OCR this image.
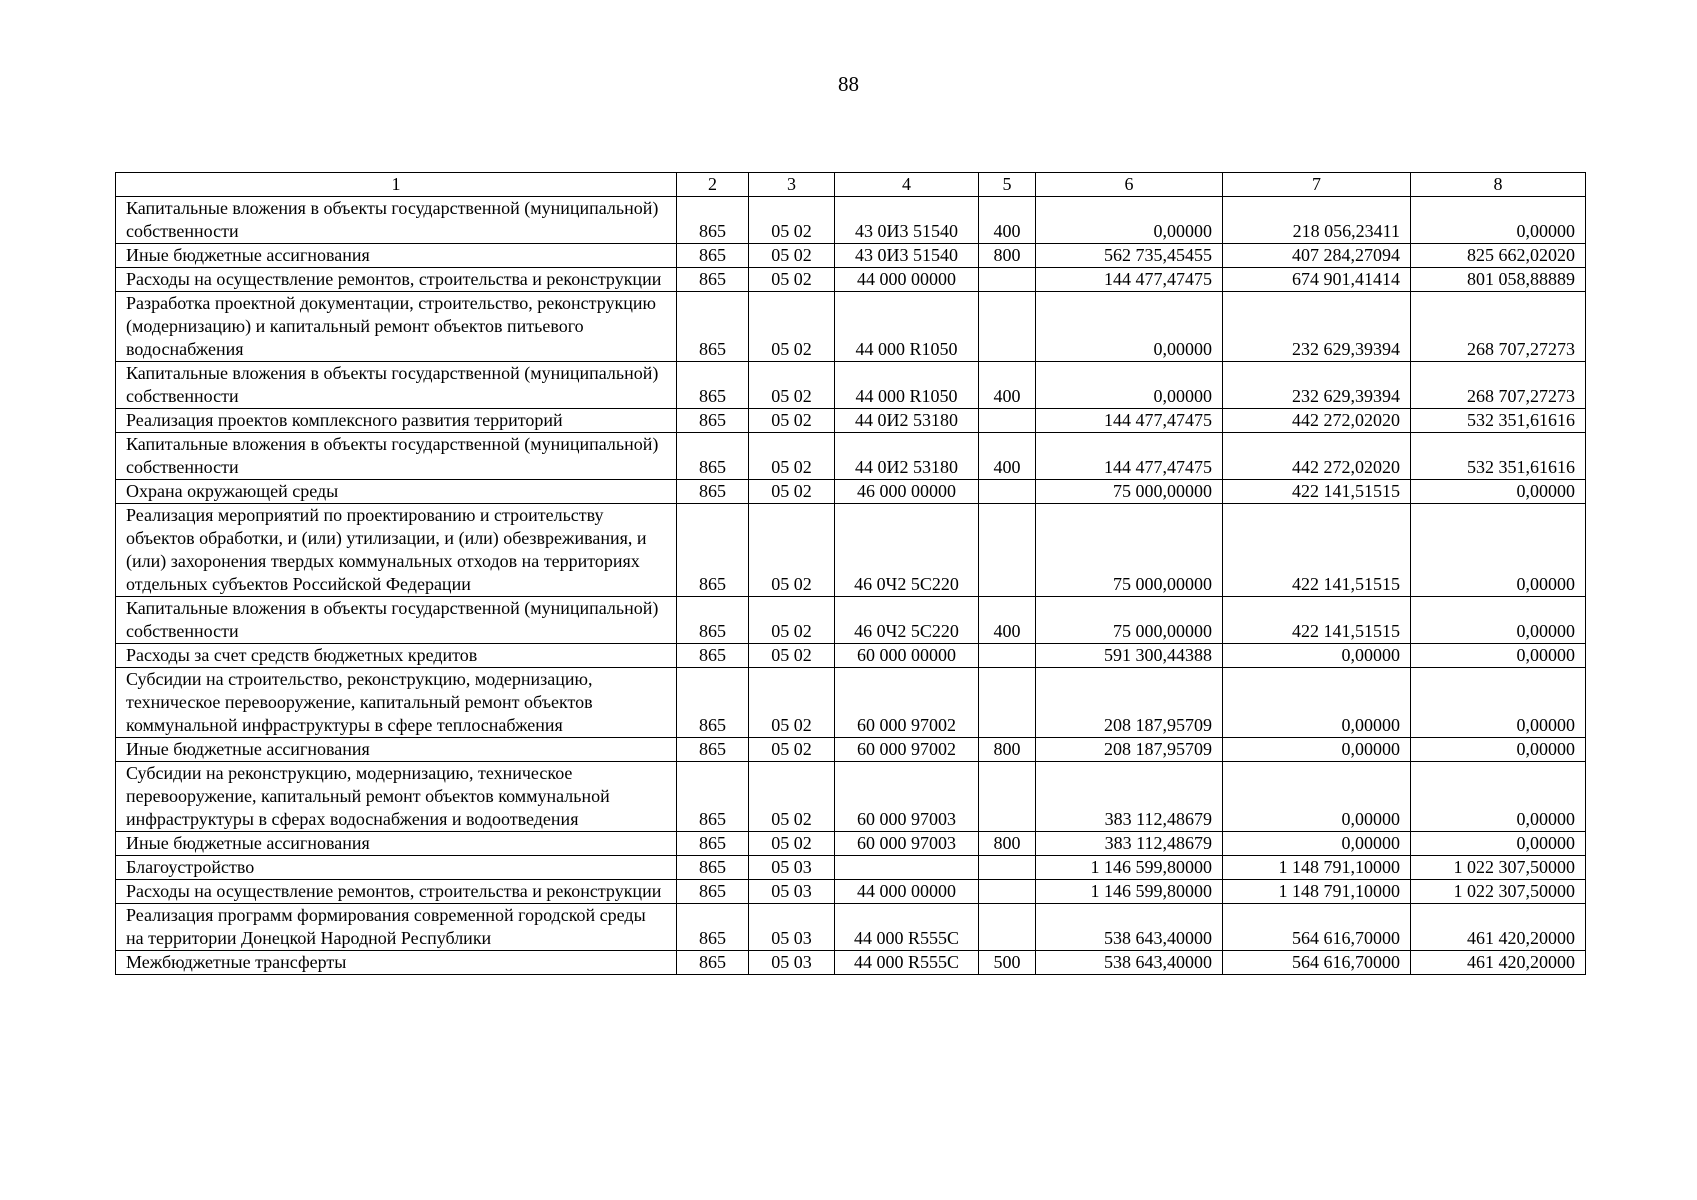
88
1	2	3	4	5	6	7	8
Капитальные вложения в объекты государственной (муниципальной) собственности	865	05 02	43 0И3 51540	400	0,00000	218 056,23411	0,00000
Иные бюджетные ассигнования	865	05 02	43 0И3 51540	800	562 735,45455	407 284,27094	825 662,02020
Расходы на осуществление ремонтов, строительства и реконструкции	865	05 02	44 000 00000		144 477,47475	674 901,41414	801 058,88889
Разработка проектной документации, строительство, реконструкцию (модернизацию) и капитальный ремонт объектов питьевого водоснабжения	865	05 02	44 000 R1050		0,00000	232 629,39394	268 707,27273
Капитальные вложения в объекты государственной (муниципальной) собственности	865	05 02	44 000 R1050	400	0,00000	232 629,39394	268 707,27273
Реализация проектов комплексного развития территорий	865	05 02	44 0И2 53180		144 477,47475	442 272,02020	532 351,61616
Капитальные вложения в объекты государственной (муниципальной) собственности	865	05 02	44 0И2 53180	400	144 477,47475	442 272,02020	532 351,61616
Охрана окружающей среды	865	05 02	46 000 00000		75 000,00000	422 141,51515	0,00000
Реализация мероприятий по проектированию и строительству объектов обработки, и (или) утилизации, и (или) обезвреживания, и (или) захоронения твердых коммунальных отходов на территориях отдельных субъектов Российской Федерации	865	05 02	46 0Ч2 5С220		75 000,00000	422 141,51515	0,00000
Капитальные вложения в объекты государственной (муниципальной) собственности	865	05 02	46 0Ч2 5С220	400	75 000,00000	422 141,51515	0,00000
Расходы за счет средств бюджетных кредитов	865	05 02	60 000 00000		591 300,44388	0,00000	0,00000
Субсидии на строительство, реконструкцию, модернизацию, техническое перевооружение, капитальный ремонт объектов коммунальной инфраструктуры в сфере теплоснабжения	865	05 02	60 000 97002		208 187,95709	0,00000	0,00000
Иные бюджетные ассигнования	865	05 02	60 000 97002	800	208 187,95709	0,00000	0,00000
Субсидии на реконструкцию, модернизацию, техническое перевооружение, капитальный ремонт объектов коммунальной инфраструктуры в сферах водоснабжения и водоотведения	865	05 02	60 000 97003		383 112,48679	0,00000	0,00000
Иные бюджетные ассигнования	865	05 02	60 000 97003	800	383 112,48679	0,00000	0,00000
Благоустройство	865	05 03			1 146 599,80000	1 148 791,10000	1 022 307,50000
Расходы на осуществление ремонтов, строительства и реконструкции	865	05 03	44 000 00000		1 146 599,80000	1 148 791,10000	1 022 307,50000
Реализация программ формирования современной городской среды на территории Донецкой Народной Республики	865	05 03	44 000 R555С		538 643,40000	564 616,70000	461 420,20000
Межбюджетные трансферты	865	05 03	44 000 R555С	500	538 643,40000	564 616,70000	461 420,20000
